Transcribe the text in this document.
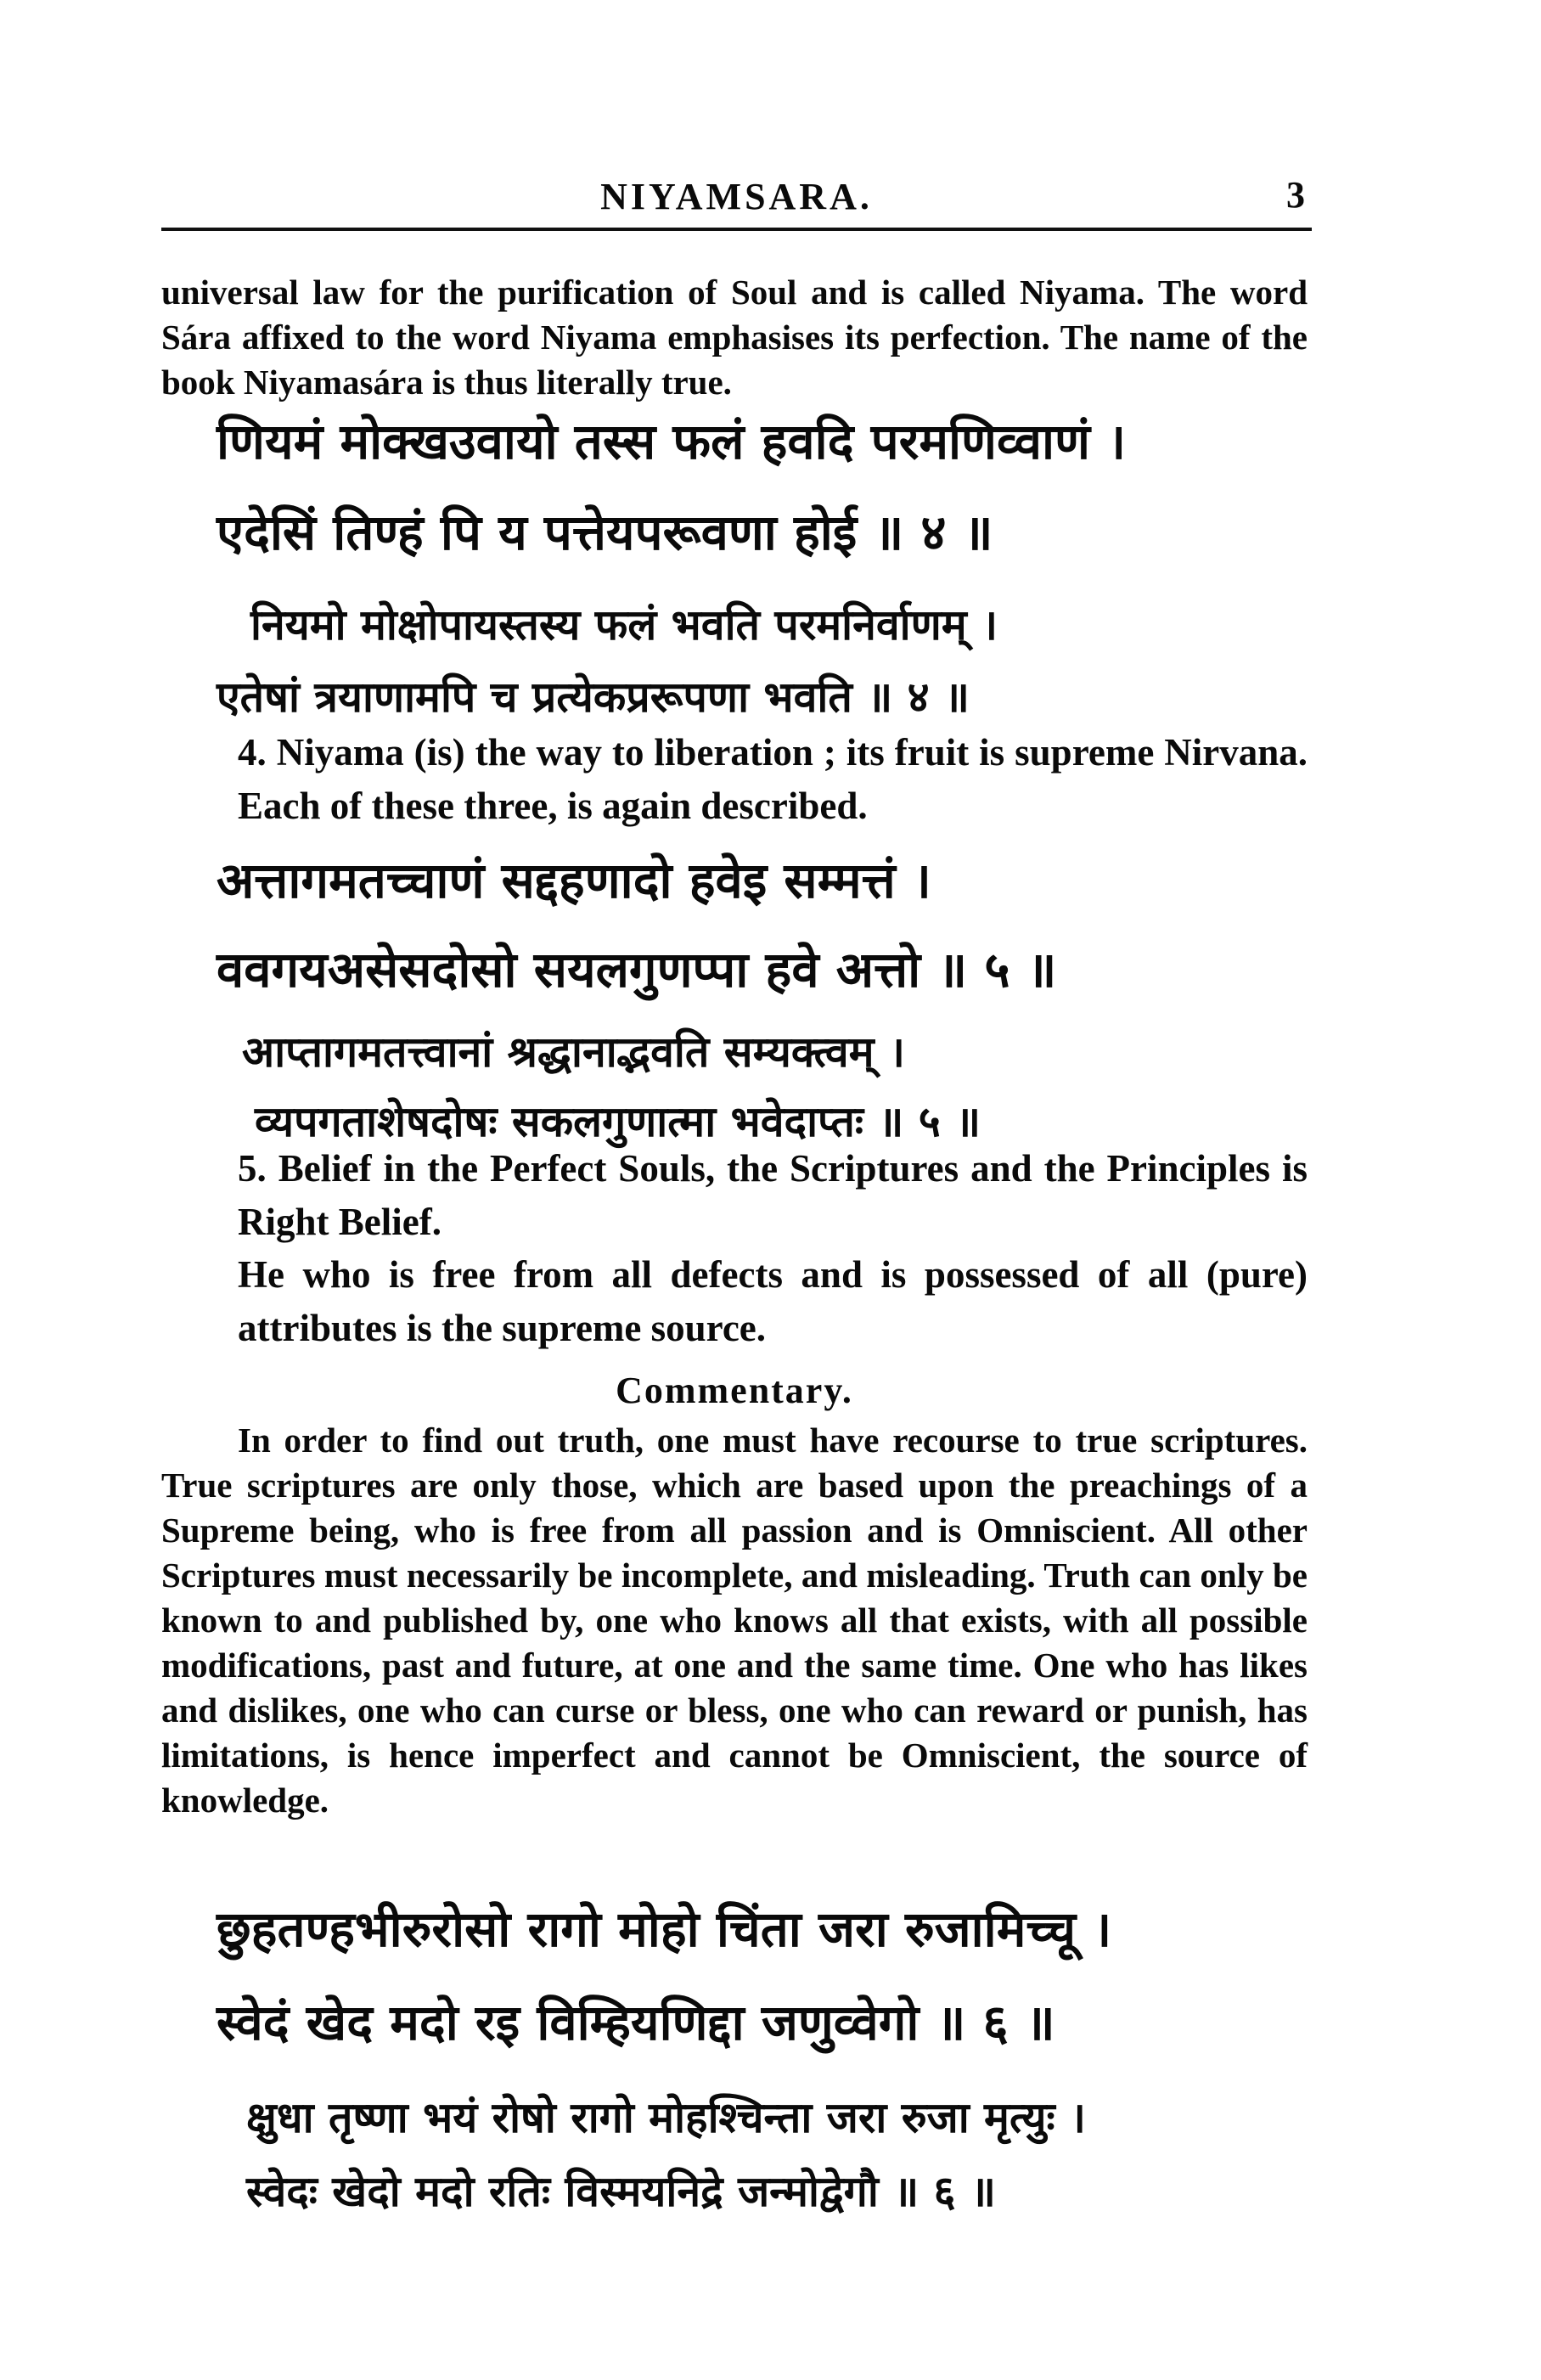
NIYAMSARA.	3
universal law for the purification of Soul and is called Niyama. The word Sára affixed to the word Niyama emphasises its perfection. The name of the book Niyamasára is thus literally true.
णियमं मोक्खउवायो तस्स फलं हवदि परमणिव्वाणं ।
एदेसिं तिण्हं पि य पत्तेयपरूवणा होई ॥ ४ ॥
नियमो मोक्षोपायस्तस्य फलं भवति परमनिर्वाणम् ।
एतेषां त्रयाणामपि च प्रत्येकप्ररूपणा भवति ॥ ४ ॥
4. Niyama (is) the way to liberation ; its fruit is supreme Nirvana. Each of these three, is again described.
अत्तागमतच्चाणं सद्दहणादो हवेइ सम्मत्तं ।
ववगयअसेसदोसो सयलगुणप्पा हवे अत्तो ॥ ५ ॥
आप्तागमतत्त्वानां श्रद्धानाद्भवति सम्यक्त्वम् ।
व्यपगताशेषदोषः सकलगुणात्मा भवेदाप्तः ॥ ५ ॥
5. Belief in the Perfect Souls, the Scriptures and the Principles is Right Belief.
He who is free from all defects and is possessed of all (pure) attributes is the supreme source.
Commentary.
In order to find out truth, one must have recourse to true scriptures. True scriptures are only those, which are based upon the preachings of a Supreme being, who is free from all passion and is Omniscient. All other Scriptures must necessarily be incomplete, and misleading. Truth can only be known to and published by, one who knows all that exists, with all possible modifications, past and future, at one and the same time. One who has likes and dislikes, one who can curse or bless, one who can reward or punish, has limitations, is hence imperfect and cannot be Omniscient, the source of knowledge.
छुहतण्हभीरुरोसो रागो मोहो चिंता जरा रुजामिच्चू ।
स्वेदं खेद मदो रइ विम्हियणिद्दा जणुव्वेगो ॥ ६ ॥
क्षुधा तृष्णा भयं रोषो रागो मोहश्चिन्ता जरा रुजा मृत्युः ।
स्वेदः खेदो मदो रतिः विस्मयनिद्रे जन्मोद्वेगौ ॥ ६ ॥
